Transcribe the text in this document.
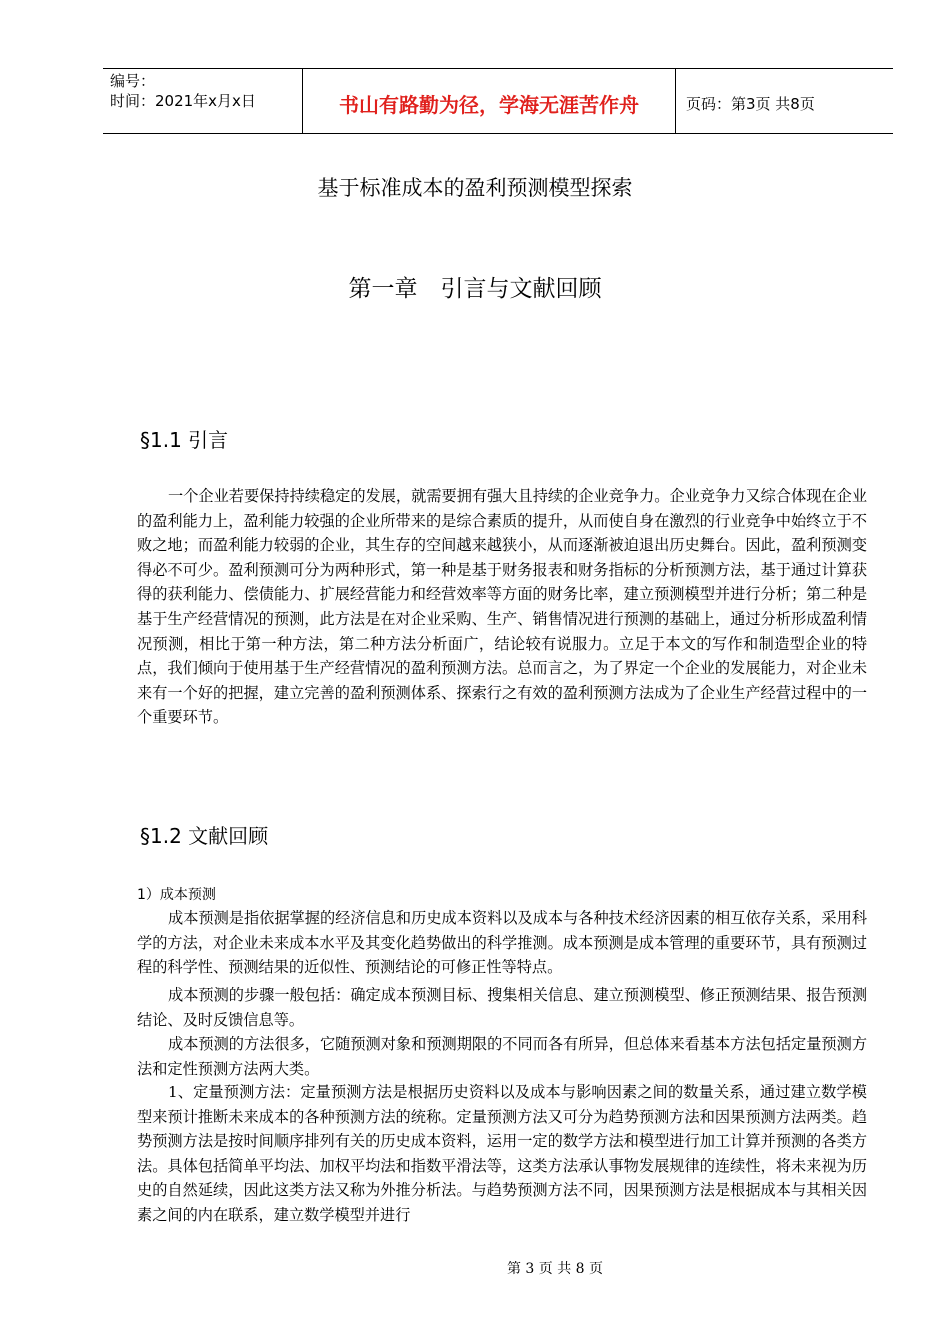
编号：
时间：2021年x月x日	书山有路勤为径，学海无涯苦作舟	页码：第3页 共8页
基于标准成本的盈利预测模型探索
第一章　引言与文献回顾
§1.1 引言

一个企业若要保持持续稳定的发展，就需要拥有强大且持续的企业竞争力。企业竞争力又综合体现在企业的盈利能力上，盈利能力较强的企业所带来的是综合素质的提升，从而使自身在激烈的行业竞争中始终立于不败之地；而盈利能力较弱的企业，其生存的空间越来越狭小，从而逐渐被迫退出历史舞台。因此，盈利预测变得必不可少。盈利预测可分为两种形式，第一种是基于财务报表和财务指标的分析预测方法，基于通过计算获得的获利能力、偿债能力、扩展经营能力和经营效率等方面的财务比率，建立预测模型并进行分析；第二种是基于生产经营情况的预测，此方法是在对企业采购、生产、销售情况进行预测的基础上，通过分析形成盈利情况预测，相比于第一种方法，第二种方法分析面广，结论较有说服力。立足于本文的写作和制造型企业的特点，我们倾向于使用基于生产经营情况的盈利预测方法。总而言之，为了界定一个企业的发展能力，对企业未来有一个好的把握，建立完善的盈利预测体系、探索行之有效的盈利预测方法成为了企业生产经营过程中的一个重要环节。

§1.2 文献回顾
1）成本预测

成本预测是指依据掌握的经济信息和历史成本资料以及成本与各种技术经济因素的相互依存关系，采用科学的方法，对企业未来成本水平及其变化趋势做出的科学推测。成本预测是成本管理的重要环节，具有预测过程的科学性、预测结果的近似性、预测结论的可修正性等特点。

成本预测的步骤一般包括：确定成本预测目标、搜集相关信息、建立预测模型、修正预测结果、报告预测结论、及时反馈信息等。

成本预测的方法很多，它随预测对象和预测期限的不同而各有所异，但总体来看基本方法包括定量预测方法和定性预测方法两大类。

1、定量预测方法：定量预测方法是根据历史资料以及成本与影响因素之间的数量关系，通过建立数学模型来预计推断未来成本的各种预测方法的统称。定量预测方法又可分为趋势预测方法和因果预测方法两类。趋势预测方法是按时间顺序排列有关的历史成本资料，运用一定的数学方法和模型进行加工计算并预测的各类方法。具体包括简单平均法、加权平均法和指数平滑法等，这类方法承认事物发展规律的连续性，将未来视为历史的自然延续，因此这类方法又称为外推分析法。与趋势预测方法不同，因果预测方法是根据成本与其相关因素之间的内在联系，建立数学模型并进行

第 3 页 共 8 页
